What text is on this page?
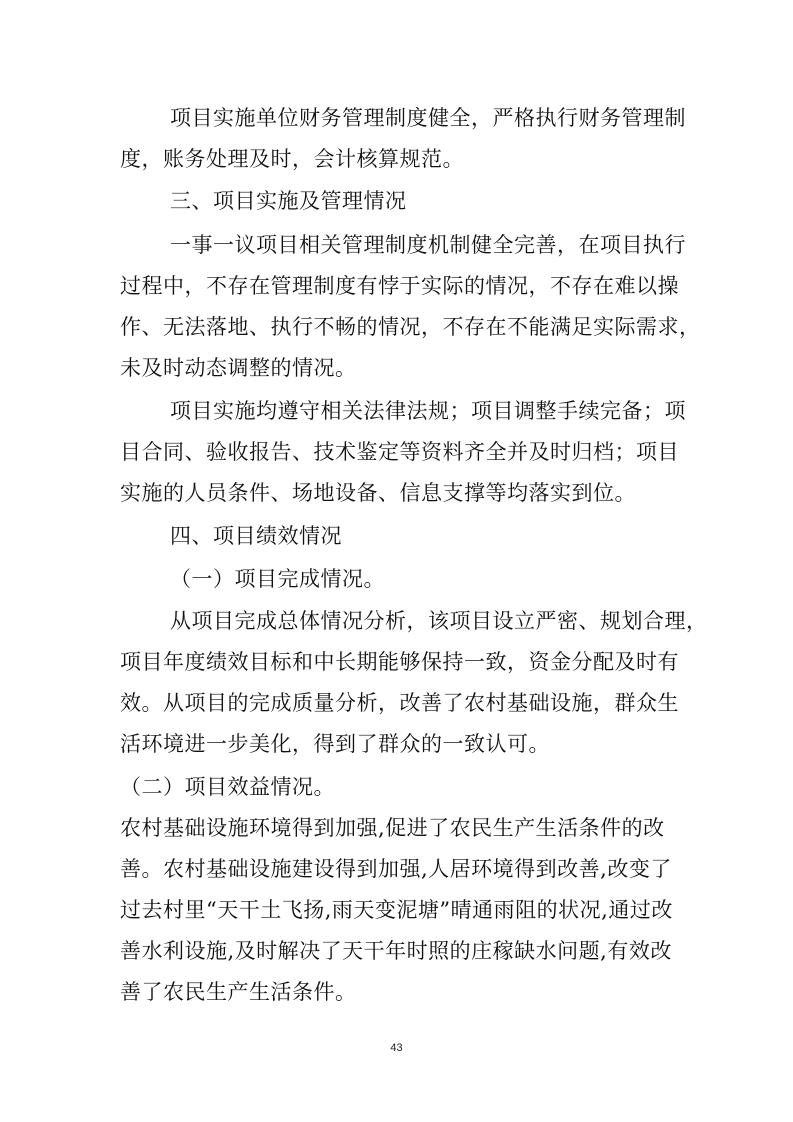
项目实施单位财务管理制度健全，严格执行财务管理制
度，账务处理及时，会计核算规范。
三、项目实施及管理情况
一事一议项目相关管理制度机制健全完善，在项目执行
过程中，不存在管理制度有悖于实际的情况，不存在难以操
作、无法落地、执行不畅的情况，不存在不能满足实际需求，
未及时动态调整的情况。
项目实施均遵守相关法律法规；项目调整手续完备；项
目合同、验收报告、技术鉴定等资料齐全并及时归档；项目
实施的人员条件、场地设备、信息支撑等均落实到位。
四、项目绩效情况
（一）项目完成情况。
从项目完成总体情况分析，该项目设立严密、规划合理，
项目年度绩效目标和中长期能够保持一致，资金分配及时有
效。从项目的完成质量分析，改善了农村基础设施，群众生
活环境进一步美化，得到了群众的一致认可。
（二）项目效益情况。
农村基础设施环境得到加强,促进了农民生产生活条件的改
善。农村基础设施建设得到加强,人居环境得到改善,改变了
过去村里“天干土飞扬,雨天变泥塘”晴通雨阻的状况,通过改
善水利设施,及时解决了天干年时照的庄稼缺水问题,有效改
善了农民生产生活条件。
43
